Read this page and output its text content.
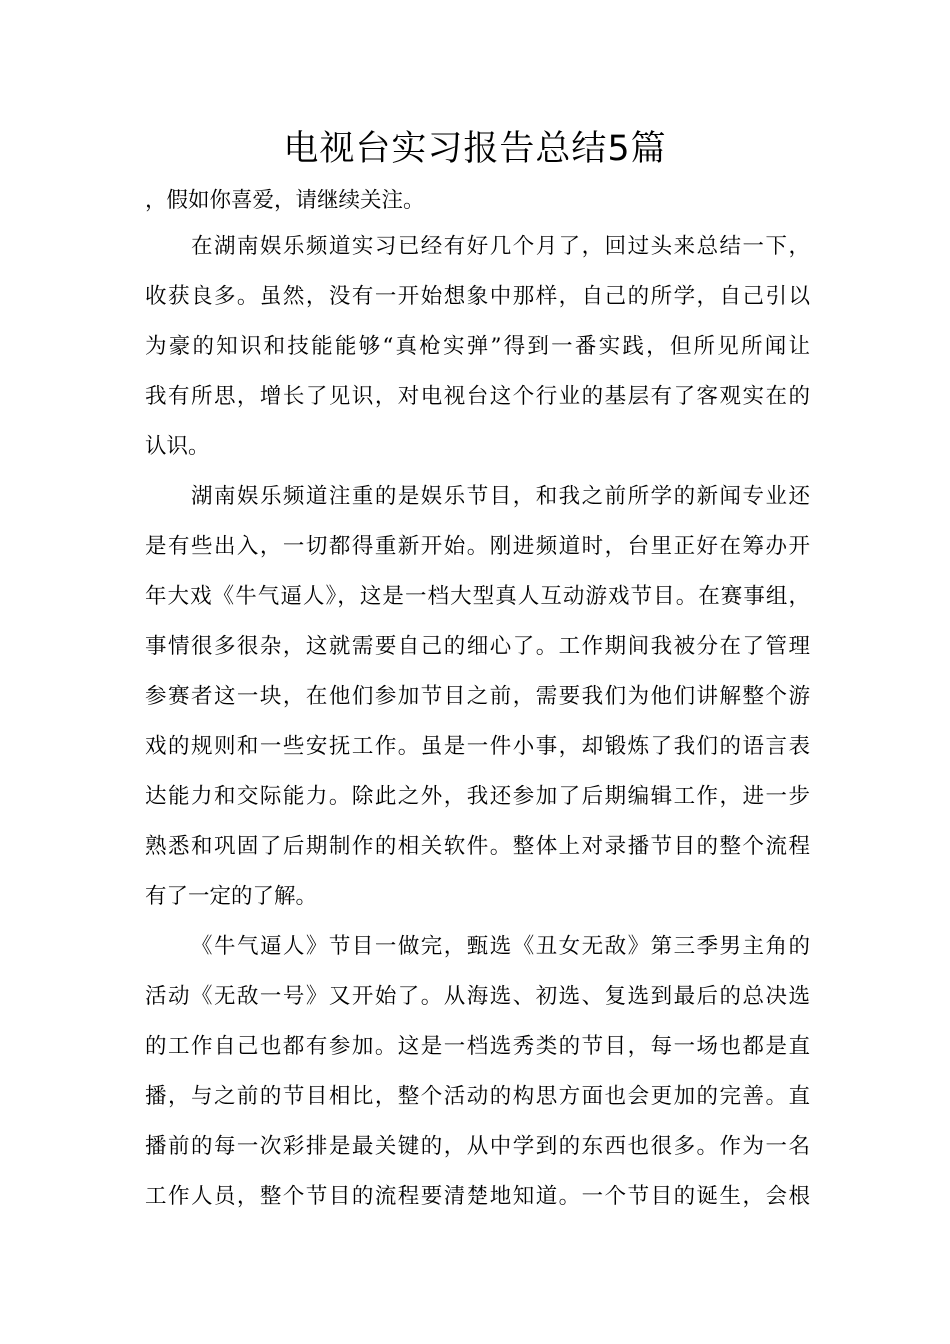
电视台实习报告总结5篇
，假如你喜爱，请继续关注。
在湖南娱乐频道实习已经有好几个月了，回过头来总结一下，
收获良多。虽然，没有一开始想象中那样，自己的所学，自己引以
为豪的知识和技能能够“真枪实弹”得到一番实践，但所见所闻让
我有所思，增长了见识，对电视台这个行业的基层有了客观实在的
认识。
湖南娱乐频道注重的是娱乐节目，和我之前所学的新闻专业还
是有些出入，一切都得重新开始。刚进频道时，台里正好在筹办开
年大戏《牛气逼人》，这是一档大型真人互动游戏节目。在赛事组，
事情很多很杂，这就需要自己的细心了。工作期间我被分在了管理
参赛者这一块，在他们参加节目之前，需要我们为他们讲解整个游
戏的规则和一些安抚工作。虽是一件小事，却锻炼了我们的语言表
达能力和交际能力。除此之外，我还参加了后期编辑工作，进一步
熟悉和巩固了后期制作的相关软件。整体上对录播节目的整个流程
有了一定的了解。
《牛气逼人》节目一做完，甄选《丑女无敌》第三季男主角的
活动《无敌一号》又开始了。从海选、初选、复选到最后的总决选
的工作自己也都有参加。这是一档选秀类的节目，每一场也都是直
播，与之前的节目相比，整个活动的构思方面也会更加的完善。直
播前的每一次彩排是最关键的，从中学到的东西也很多。作为一名
工作人员，整个节目的流程要清楚地知道。一个节目的诞生，会根
